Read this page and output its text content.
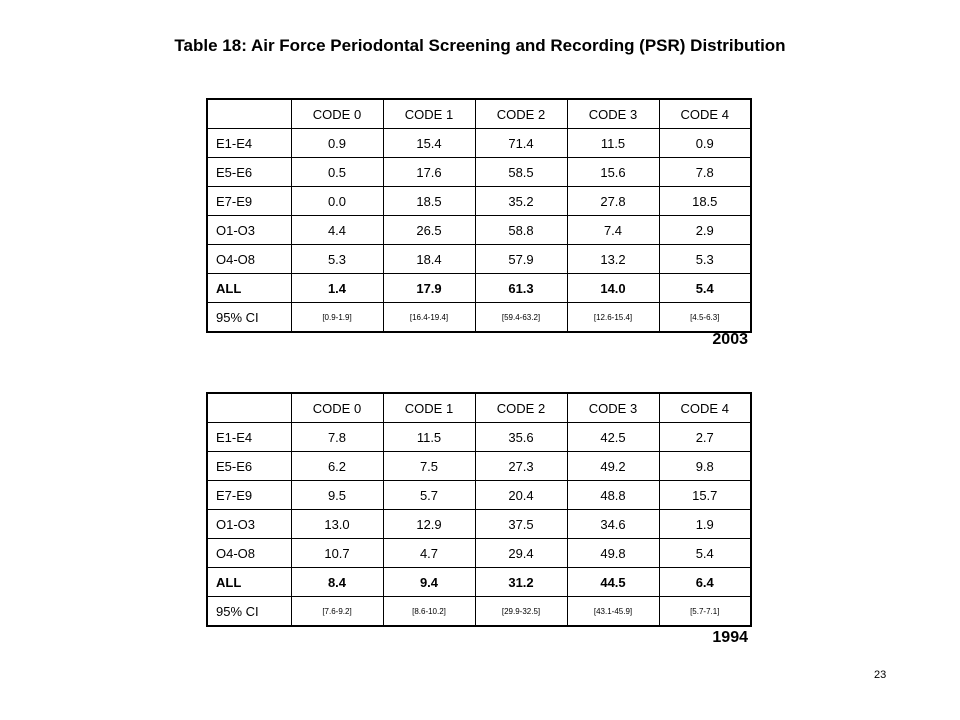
Table 18: Air Force Periodontal Screening and Recording (PSR) Distribution
	CODE 0	CODE 1	CODE 2	CODE 3	CODE 4
E1-E4	0.9	15.4	71.4	11.5	0.9
E5-E6	0.5	17.6	58.5	15.6	7.8
E7-E9	0.0	18.5	35.2	27.8	18.5
O1-O3	4.4	26.5	58.8	7.4	2.9
O4-O8	5.3	18.4	57.9	13.2	5.3
ALL	1.4	17.9	61.3	14.0	5.4
95% CI	[0.9-1.9]	[16.4-19.4]	[59.4-63.2]	[12.6-15.4]	[4.5-6.3]
2003
	CODE 0	CODE 1	CODE 2	CODE 3	CODE 4
E1-E4	7.8	11.5	35.6	42.5	2.7
E5-E6	6.2	7.5	27.3	49.2	9.8
E7-E9	9.5	5.7	20.4	48.8	15.7
O1-O3	13.0	12.9	37.5	34.6	1.9
O4-O8	10.7	4.7	29.4	49.8	5.4
ALL	8.4	9.4	31.2	44.5	6.4
95% CI	[7.6-9.2]	[8.6-10.2]	[29.9-32.5]	[43.1-45.9]	[5.7-7.1]
1994
23
